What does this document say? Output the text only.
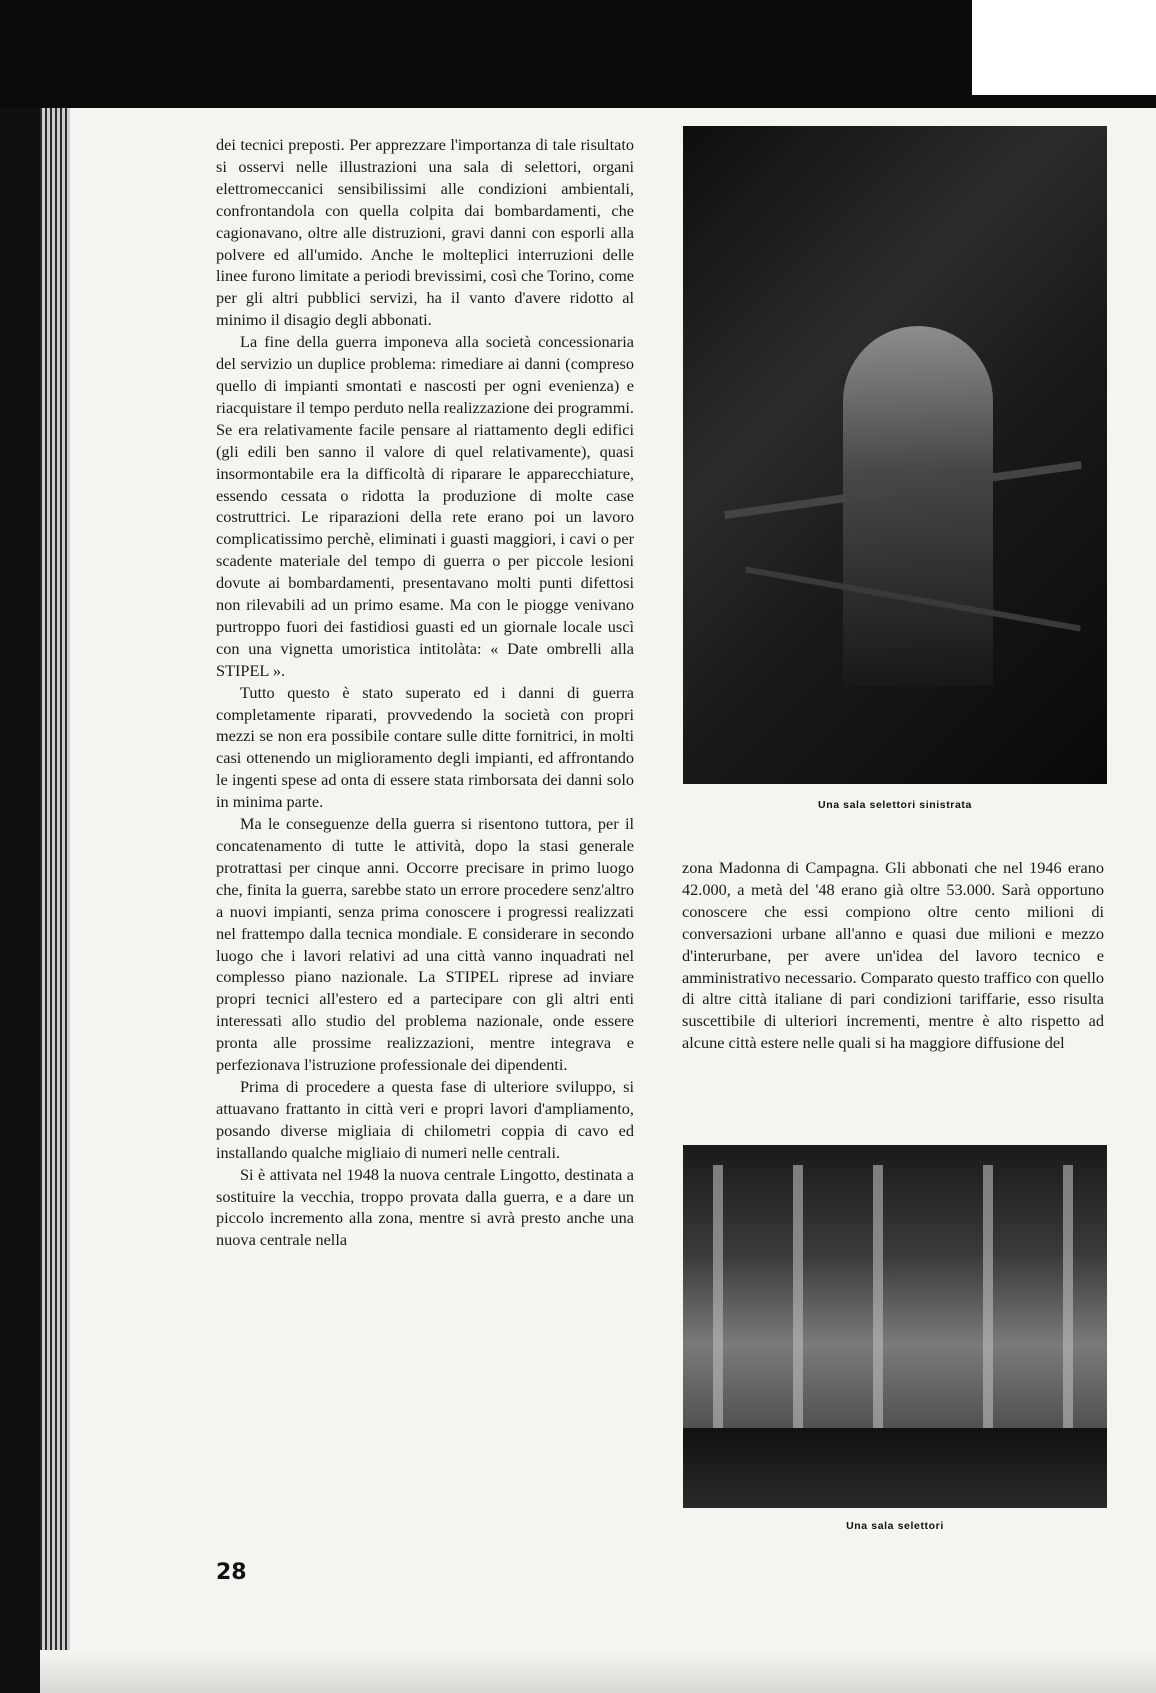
dei tecnici preposti. Per apprezzare l'importanza di tale risultato si osservi nelle illustrazioni una sala di selettori, organi elettromeccanici sensibilissimi alle condizioni ambientali, confrontandola con quella colpita dai bombardamenti, che cagionavano, oltre alle distruzioni, gravi danni con esporli alla polvere ed all'umido. Anche le molteplici interruzioni delle linee furono limitate a periodi brevissimi, così che Torino, come per gli altri pubblici servizi, ha il vanto d'avere ridotto al minimo il disagio degli abbonati.

La fine della guerra imponeva alla società concessionaria del servizio un duplice problema: rimediare ai danni (compreso quello di impianti smontati e nascosti per ogni evenienza) e riacquistare il tempo perduto nella realizzazione dei programmi. Se era relativamente facile pensare al riattamento degli edifici (gli edili ben sanno il valore di quel relativamente), quasi insormontabile era la difficoltà di riparare le apparecchiature, essendo cessata o ridotta la produzione di molte case costruttrici. Le riparazioni della rete erano poi un lavoro complicatissimo perchè, eliminati i guasti maggiori, i cavi o per scadente materiale del tempo di guerra o per piccole lesioni dovute ai bombardamenti, presentavano molti punti difettosi non rilevabili ad un primo esame. Ma con le piogge venivano purtroppo fuori dei fastidiosi guasti ed un giornale locale uscì con una vignetta umoristica intitolàta: « Date ombrelli alla STIPEL ».

Tutto questo è stato superato ed i danni di guerra completamente riparati, provvedendo la società con propri mezzi se non era possibile contare sulle ditte fornitrici, in molti casi ottenendo un miglioramento degli impianti, ed affrontando le ingenti spese ad onta di essere stata rimborsata dei danni solo in minima parte.

Ma le conseguenze della guerra si risentono tuttora, per il concatenamento di tutte le attività, dopo la stasi generale protrattasi per cinque anni. Occorre precisare in primo luogo che, finita la guerra, sarebbe stato un errore procedere senz'altro a nuovi impianti, senza prima conoscere i progressi realizzati nel frattempo dalla tecnica mondiale. E considerare in secondo luogo che i lavori relativi ad una città vanno inquadrati nel complesso piano nazionale. La STIPEL riprese ad inviare propri tecnici all'estero ed a partecipare con gli altri enti interessati allo studio del problema nazionale, onde essere pronta alle prossime realizzazioni, mentre integrava e perfezionava l'istruzione professionale dei dipendenti.

Prima di procedere a questa fase di ulteriore sviluppo, si attuavano frattanto in città veri e propri lavori d'ampliamento, posando diverse migliaia di chilometri coppia di cavo ed installando qualche migliaio di numeri nelle centrali.

Si è attivata nel 1948 la nuova centrale Lingotto, destinata a sostituire la vecchia, troppo provata dalla guerra, e a dare un piccolo incremento alla zona, mentre si avrà presto anche una nuova centrale nella

Una sala selettori sinistrata

zona Madonna di Campagna. Gli abbonati che nel 1946 erano 42.000, a metà del '48 erano già oltre 53.000. Sarà opportuno conoscere che essi compiono oltre cento milioni di conversazioni urbane all'anno e quasi due milioni e mezzo d'interurbane, per avere un'idea del lavoro tecnico e amministrativo necessario. Comparato questo traffico con quello di altre città italiane di pari condizioni tariffarie, esso risulta suscettibile di ulteriori incrementi, mentre è alto rispetto ad alcune città estere nelle quali si ha maggiore diffusione del

Una sala selettori
28
